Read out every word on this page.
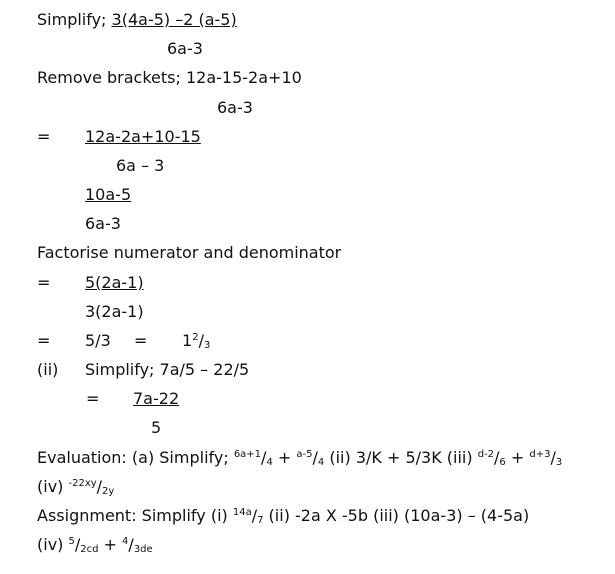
Simplify; 3(4a-5) –2 (a-5)
6a-3
Remove brackets; 12a-15-2a+10
6a-3
= 12a-2a+10-15
6a – 3
10a-5
6a-3
Factorise numerator and denominator
= 5(2a-1)
3(2a-1)
= $5/3 = 1^2/_3$
(ii) Simplify; 7a/5 – 22/5
= 7a-22
5
Evaluation: (a) Simplify; $^{6a+1}/_4 + ^{a-5}/_4$ (ii) 3/K + 5/3K (iii) $^{d-2}/_6 + ^{d+3}/_3$
(iv) $^{-22xy}/_{2y}$
Assignment: Simplify (i) $^{14a}/_7$ (ii) -2a X -5b (iii) (10a-3) – (4-5a)
(iv) $^5/_{2cd} + ^4/_{3de}$
